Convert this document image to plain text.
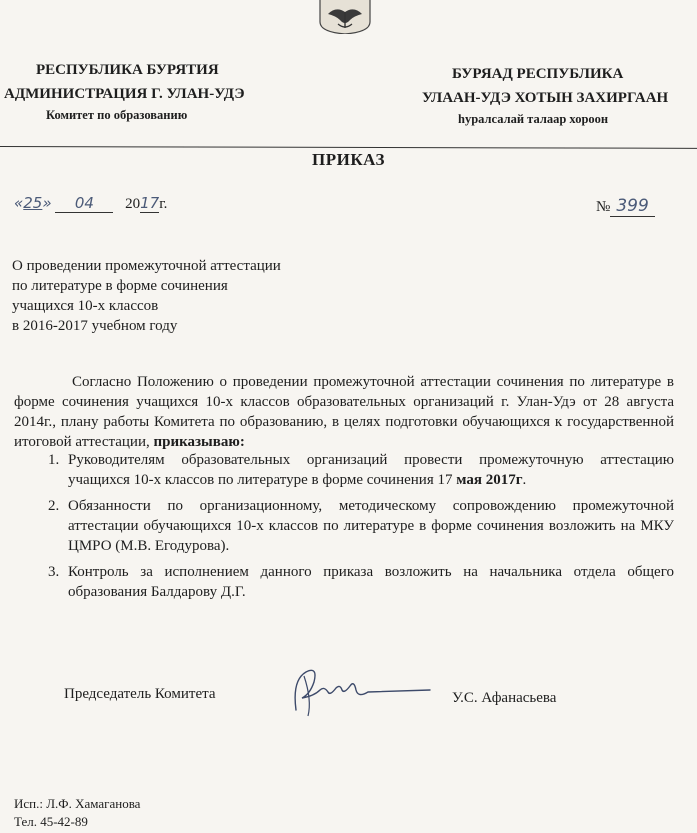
РЕСПУБЛИКА БУРЯТИЯ
АДМИНИСТРАЦИЯ Г. УЛАН-УДЭ
Комитет по образованию
БУРЯАД РЕСПУБЛИКА
УЛААН-УДЭ ХОТЫН ЗАХИРГААН
һуралсалай талаар хороон
ПРИКАЗ
«25» 04 2017г.	№ 399
О проведении промежуточной аттестации
по литературе в форме сочинения
учащихся 10-х классов
в 2016-2017 учебном году
Согласно Положению о проведении промежуточной аттестации сочинения по литературе в форме сочинения учащихся 10-х классов образовательных организаций г. Улан-Удэ от 28 августа 2014г., плану работы Комитета по образованию, в целях подготовки обучающихся к государственной итоговой аттестации, приказываю:
1. Руководителям образовательных организаций провести промежуточную аттестацию учащихся 10-х классов по литературе в форме сочинения 17 мая 2017г.
2. Обязанности по организационному, методическому сопровождению промежуточной аттестации обучающихся 10-х классов по литературе в форме сочинения возложить на МКУ ЦМРО (М.В. Егодурова).
3. Контроль за исполнением данного приказа возложить на начальника отдела общего образования Балдарову Д.Г.
Председатель Комитета	У.С. Афанасьева
Исп.: Л.Ф. Хамаганова
Тел. 45-42-89
